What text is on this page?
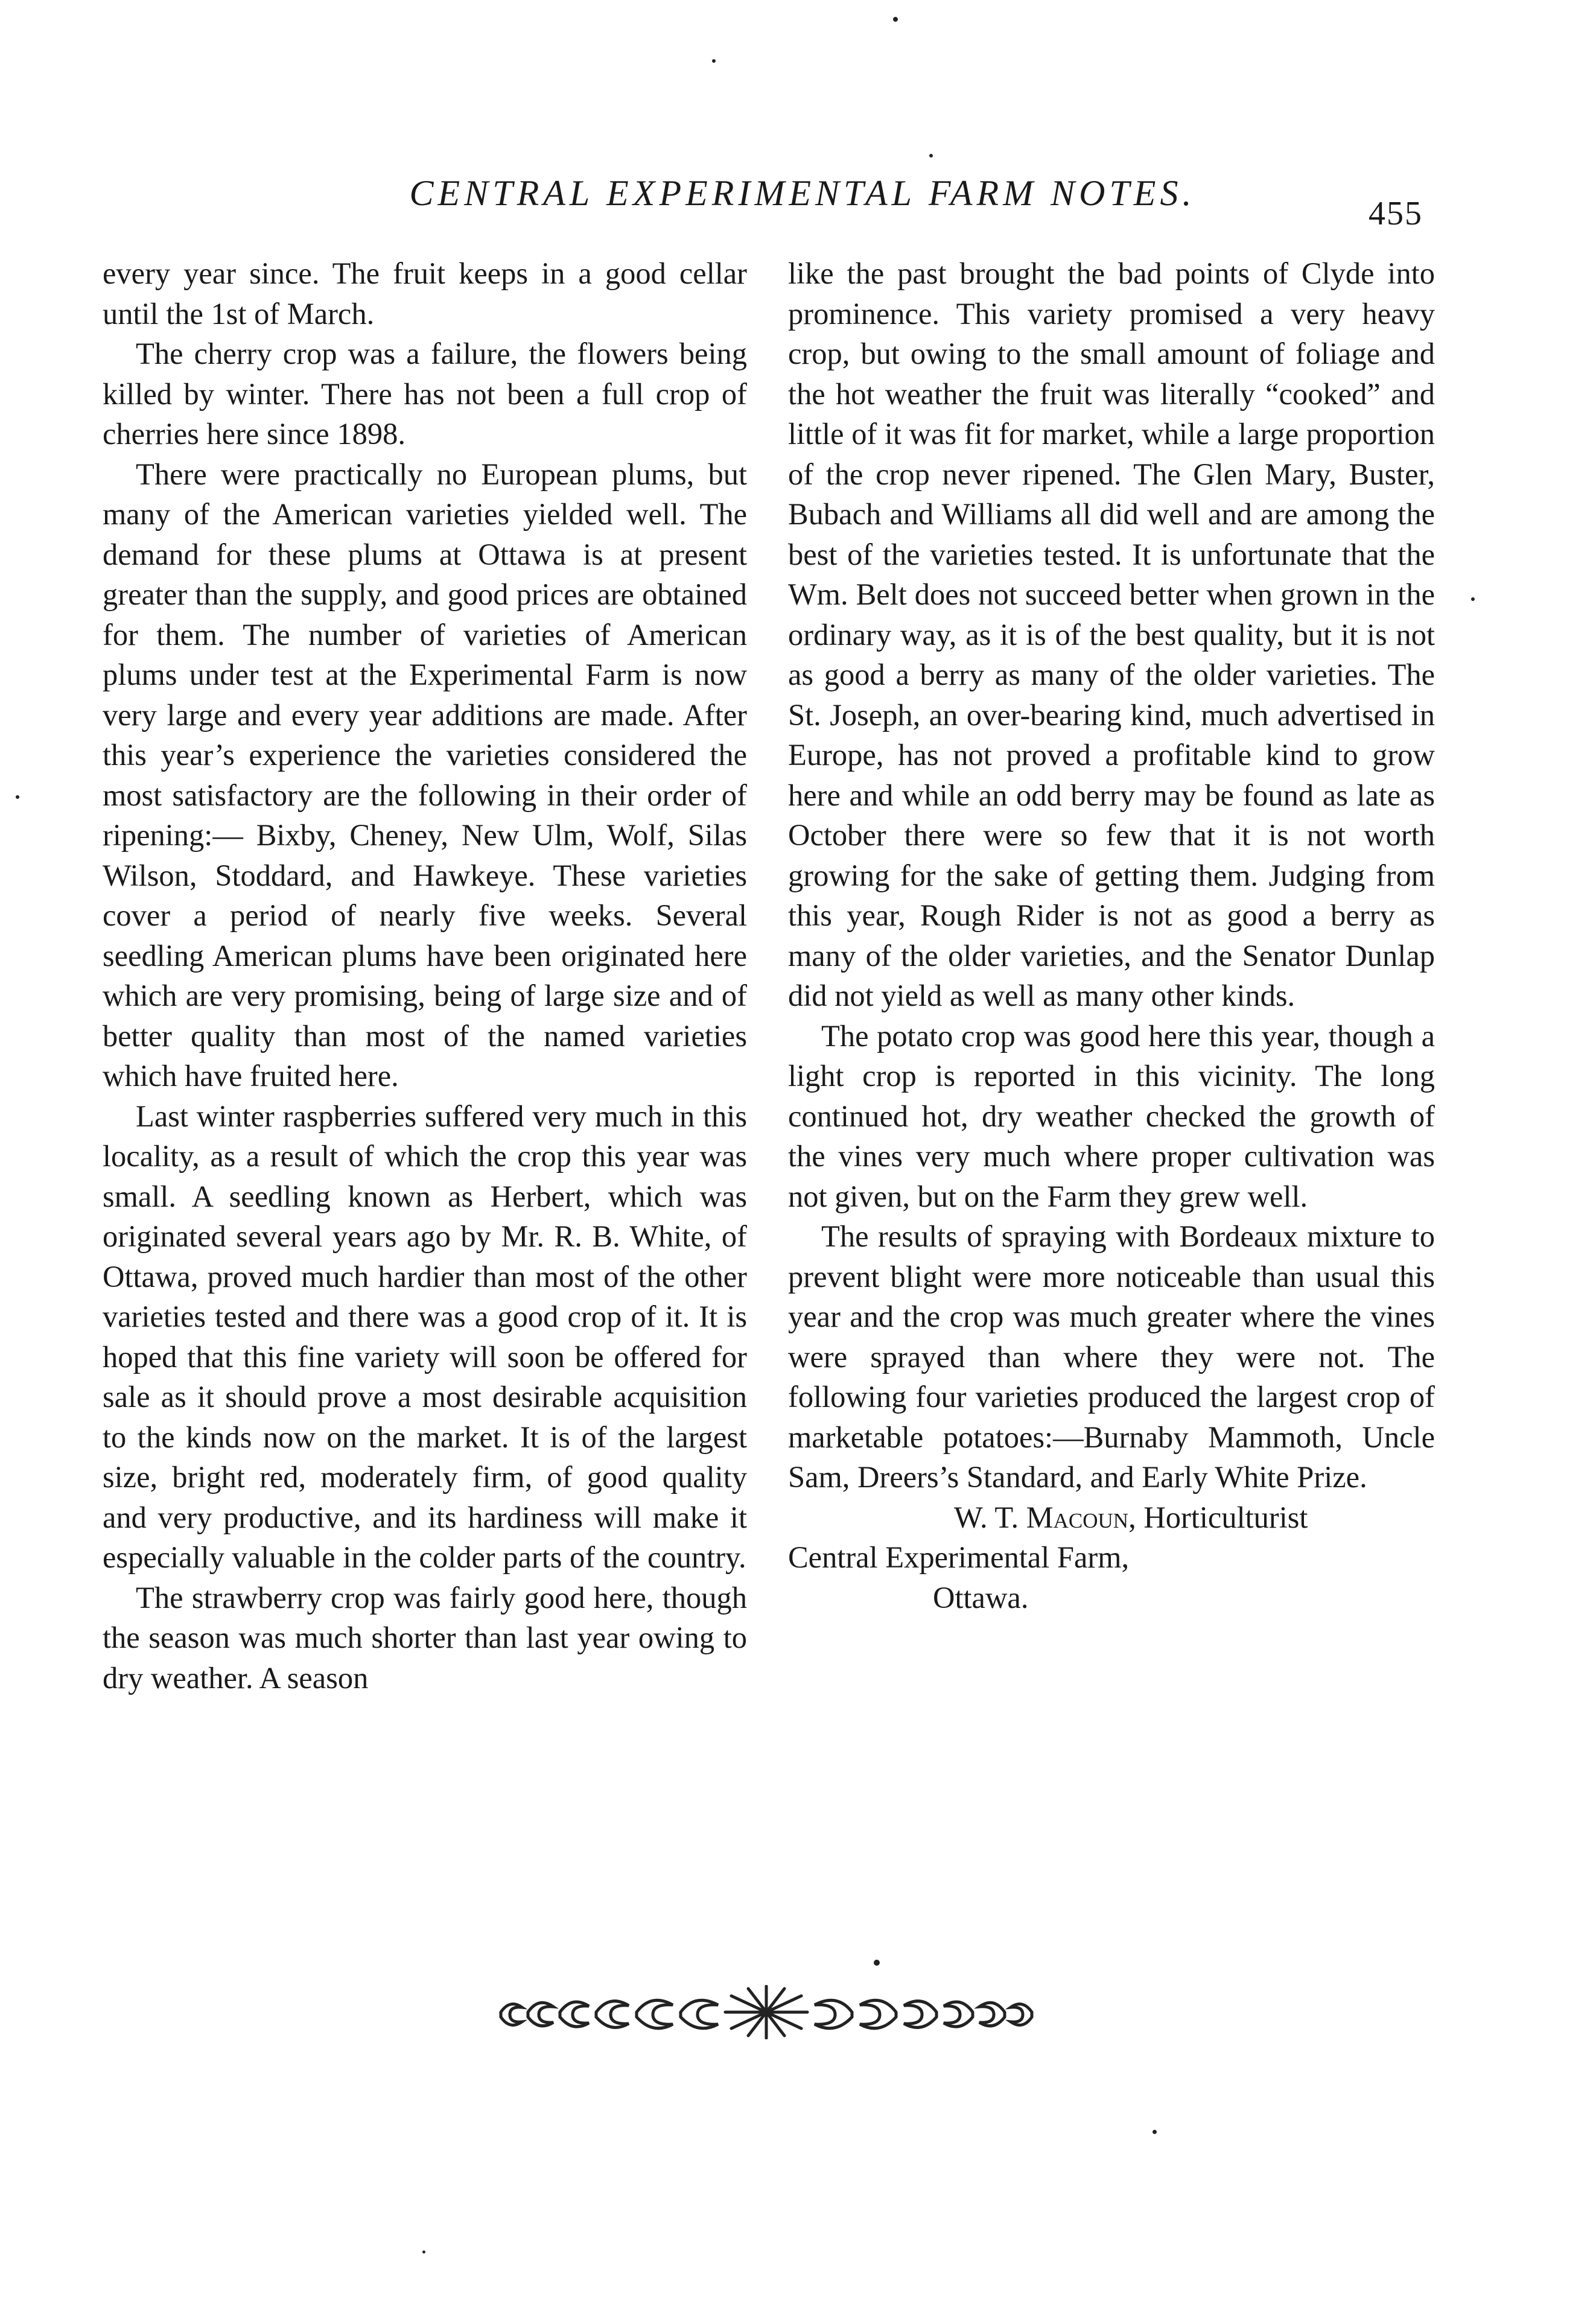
CENTRAL EXPERIMENTAL FARM NOTES.
455

every year since. The fruit keeps in a good cellar until the 1st of March.

The cherry crop was a failure, the flowers being killed by winter. There has not been a full crop of cherries here since 1898.

There were practically no European plums, but many of the American varieties yielded well. The demand for these plums at Ottawa is at present greater than the supply, and good prices are obtained for them. The number of varieties of American plums under test at the Experimental Farm is now very large and every year additions are made. After this year’s experience the varieties considered the most satisfactory are the following in their order of ripening:— Bixby, Cheney, New Ulm, Wolf, Silas Wilson, Stoddard, and Hawkeye. These varieties cover a period of nearly five weeks. Several seedling American plums have been originated here which are very promising, being of large size and of better quality than most of the named varieties which have fruited here.

Last winter raspberries suffered very much in this locality, as a result of which the crop this year was small. A seedling known as Herbert, which was originated several years ago by Mr. R. B. White, of Ottawa, proved much hardier than most of the other varieties tested and there was a good crop of it. It is hoped that this fine variety will soon be offered for sale as it should prove a most desirable acquisition to the kinds now on the market. It is of the largest size, bright red, moderately firm, of good quality and very productive, and its hardiness will make it especially valuable in the colder parts of the country.

The strawberry crop was fairly good here, though the season was much shorter than last year owing to dry weather. A season

like the past brought the bad points of Clyde into prominence. This variety promised a very heavy crop, but owing to the small amount of foliage and the hot weather the fruit was literally “cooked” and little of it was fit for market, while a large proportion of the crop never ripened. The Glen Mary, Buster, Bubach and Williams all did well and are among the best of the varieties tested. It is unfortunate that the Wm. Belt does not succeed better when grown in the ordinary way, as it is of the best quality, but it is not as good a berry as many of the older varieties. The St. Joseph, an over-bearing kind, much advertised in Europe, has not proved a profitable kind to grow here and while an odd berry may be found as late as October there were so few that it is not worth growing for the sake of getting them. Judging from this year, Rough Rider is not as good a berry as many of the older varieties, and the Senator Dunlap did not yield as well as many other kinds.

The potato crop was good here this year, though a light crop is reported in this vicinity. The long continued hot, dry weather checked the growth of the vines very much where proper cultivation was not given, but on the Farm they grew well.

The results of spraying with Bordeaux mixture to prevent blight were more noticeable than usual this year and the crop was much greater where the vines were sprayed than where they were not. The following four varieties produced the largest crop of marketable potatoes:—Burnaby Mammoth, Uncle Sam, Dreers’s Standard, and Early White Prize.

W. T. Macoun, Horticulturist
Central Experimental Farm,
Ottawa.
